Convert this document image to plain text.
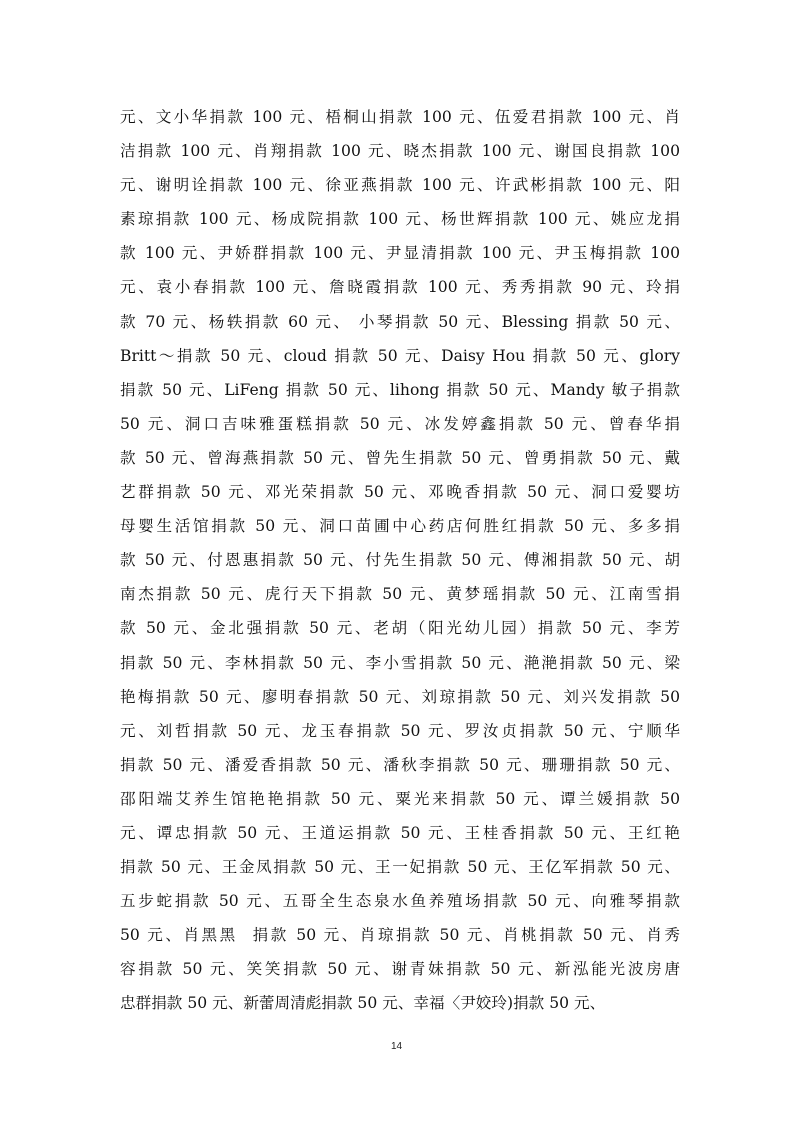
元、文小华捐款 100 元、梧桐山捐款 100 元、伍爱君捐款 100 元、肖
洁捐款 100 元、肖翔捐款 100 元、晓杰捐款 100 元、谢国良捐款 100
元、谢明诠捐款 100 元、徐亚燕捐款 100 元、许武彬捐款 100 元、阳
素琼捐款 100 元、杨成院捐款 100 元、杨世辉捐款 100 元、姚应龙捐
款 100 元、尹娇群捐款 100 元、尹显清捐款 100 元、尹玉梅捐款 100
元、袁小春捐款 100 元、詹晓霞捐款 100 元、秀秀捐款 90 元、玲捐
款 70 元、杨轶捐款 60 元、 小琴捐款 50 元、Blessing 捐款 50 元、
Britt～捐款 50 元、cloud 捐款 50 元、Daisy Hou 捐款 50 元、glory
捐款 50 元、LiFeng 捐款 50 元、lihong 捐款 50 元、Mandy 敏子捐款
50 元、洞口吉味雅蛋糕捐款 50 元、冰发婷鑫捐款 50 元、曾春华捐
款 50 元、曾海燕捐款 50 元、曾先生捐款 50 元、曾勇捐款 50 元、戴
艺群捐款 50 元、邓光荣捐款 50 元、邓晚香捐款 50 元、洞口爱婴坊
母婴生活馆捐款 50 元、洞口苗圃中心药店何胜红捐款 50 元、多多捐
款 50 元、付恩惠捐款 50 元、付先生捐款 50 元、傅湘捐款 50 元、胡
南杰捐款 50 元、虎行天下捐款 50 元、黄梦瑶捐款 50 元、江南雪捐
款 50 元、金北强捐款 50 元、老胡（阳光幼儿园）捐款 50 元、李芳
捐款 50 元、李林捐款 50 元、李小雪捐款 50 元、滟滟捐款 50 元、梁
艳梅捐款 50 元、廖明春捐款 50 元、刘琼捐款 50 元、刘兴发捐款 50
元、刘哲捐款 50 元、龙玉春捐款 50 元、罗汝贞捐款 50 元、宁顺华
捐款 50 元、潘爱香捐款 50 元、潘秋李捐款 50 元、珊珊捐款 50 元、
邵阳端艾养生馆艳艳捐款 50 元、粟光来捐款 50 元、谭兰媛捐款 50
元、谭忠捐款 50 元、王道运捐款 50 元、王桂香捐款 50 元、王红艳
捐款 50 元、王金凤捐款 50 元、王一妃捐款 50 元、王亿军捐款 50 元、
五步蛇捐款 50 元、五哥全生态泉水鱼养殖场捐款 50 元、向雅琴捐款
50 元、肖黑黑  捐款 50 元、肖琼捐款 50 元、肖桃捐款 50 元、肖秀
容捐款 50 元、笑笑捐款 50 元、谢青妹捐款 50 元、新泓能光波房唐
忠群捐款 50 元、新蕾周清彪捐款 50 元、幸福〈尹姣玲)捐款 50 元、
14
